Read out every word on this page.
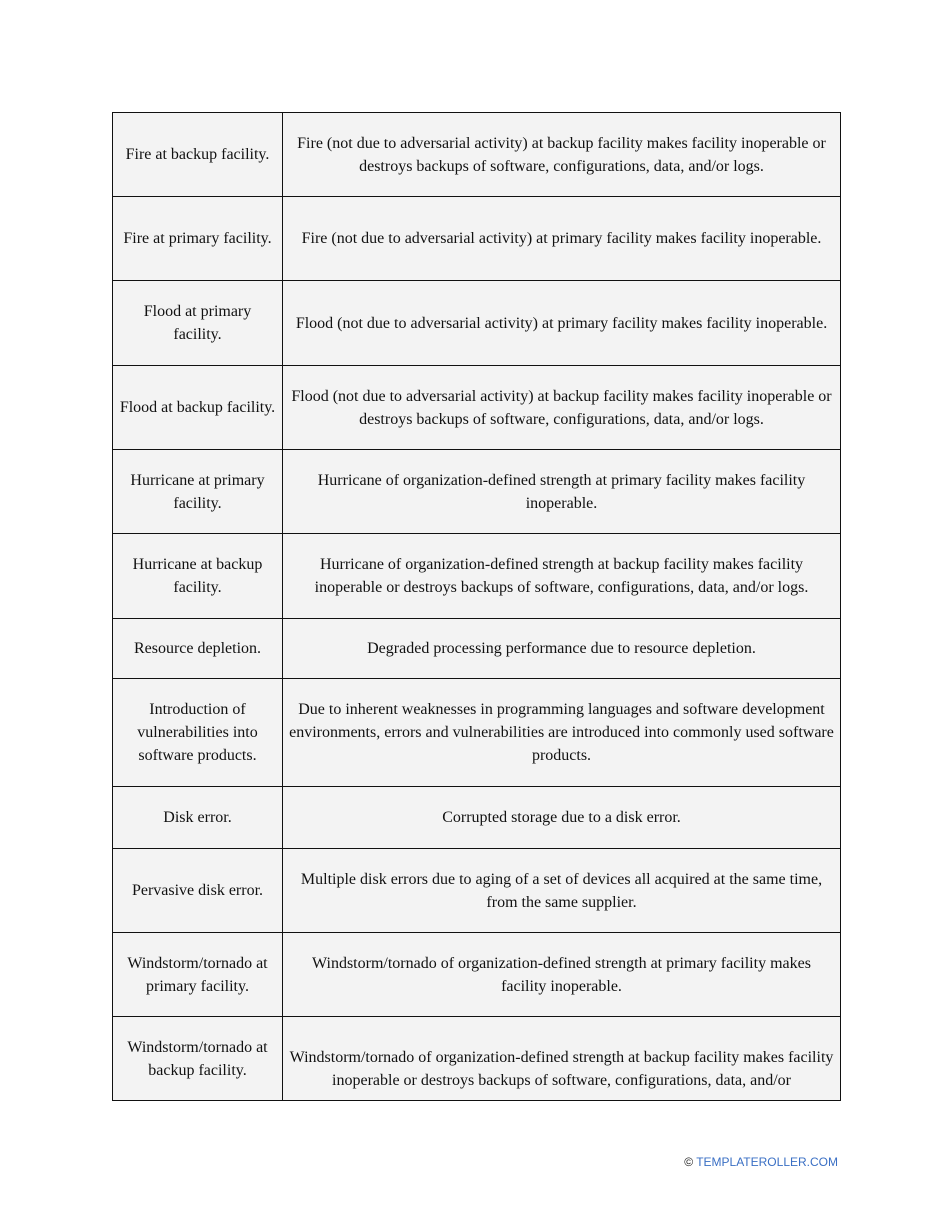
Fire at backup facility.	Fire (not due to adversarial activity) at backup facility makes facility inoperable or destroys backups of software, configurations, data, and/or logs.
Fire at primary facility.	Fire (not due to adversarial activity) at primary facility makes facility inoperable.
Flood at primary facility.	Flood (not due to adversarial activity) at primary facility makes facility inoperable.
Flood at backup facility.	Flood (not due to adversarial activity) at backup facility makes facility inoperable or destroys backups of software, configurations, data, and/or logs.
Hurricane at primary facility.	Hurricane of organization-defined strength at primary facility makes facility inoperable.
Hurricane at backup facility.	Hurricane of organization-defined strength at backup facility makes facility inoperable or destroys backups of software, configurations, data, and/or logs.
Resource depletion.	Degraded processing performance due to resource depletion.
Introduction of vulnerabilities into software products.	Due to inherent weaknesses in programming languages and software development environments, errors and vulnerabilities are introduced into commonly used software products.
Disk error.	Corrupted storage due to a disk error.
Pervasive disk error.	Multiple disk errors due to aging of a set of devices all acquired at the same time, from the same supplier.
Windstorm/tornado at primary facility.	Windstorm/tornado of organization-defined strength at primary facility makes facility inoperable.
Windstorm/tornado at backup facility.	Windstorm/tornado of organization-defined strength at backup facility makes facility inoperable or destroys backups of software, configurations, data, and/or
© TEMPLATEROLLER.COM
